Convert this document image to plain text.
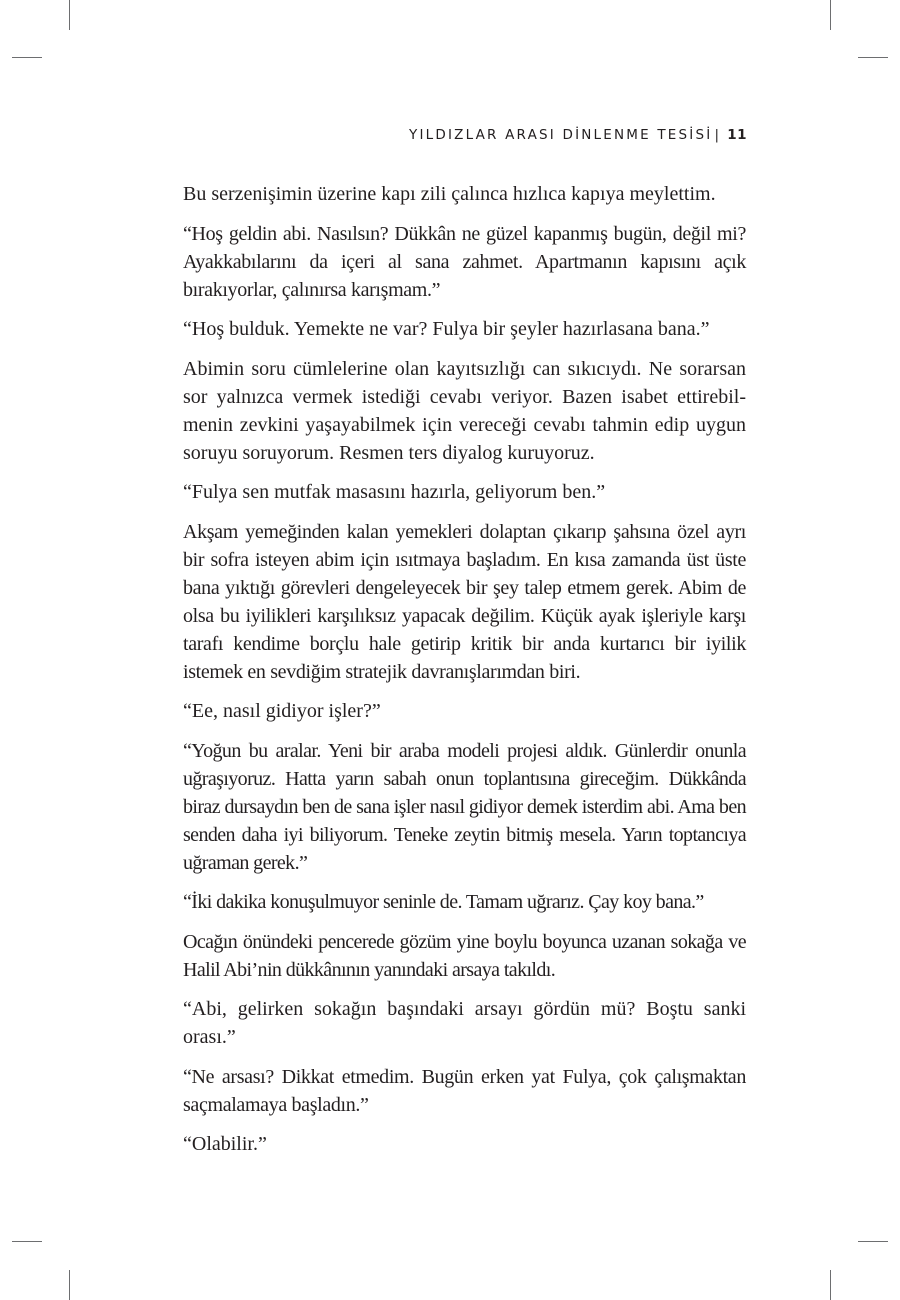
YILDIZLAR ARASI DİNLENME TESİSİ | 11

Bu serzenişimin üzerine kapı zili çalınca hızlıca kapıya meylettim.

“Hoş geldin abi. Nasılsın? Dükkân ne güzel kapanmış bugün, değil mi? Ayakkabılarını da içeri al sana zahmet. Apartmanın kapısını açık bırakıyorlar, çalınırsa karışmam.”

“Hoş bulduk. Yemekte ne var? Fulya bir şeyler hazırlasana bana.”

Abimin soru cümlelerine olan kayıtsızlığı can sıkıcıydı. Ne sorarsan sor yalnızca vermek istediği cevabı veriyor. Bazen isabet ettirebilmenin zevkini yaşayabilmek için vereceği cevabı tahmin edip uygun soruyu soruyorum. Resmen ters diyalog kuruyoruz.

“Fulya sen mutfak masasını hazırla, geliyorum ben.”

Akşam yemeğinden kalan yemekleri dolaptan çıkarıp şahsına özel ayrı bir sofra isteyen abim için ısıtmaya başladım. En kısa zamanda üst üste bana yıktığı görevleri dengeleyecek bir şey talep etmem gerek. Abim de olsa bu iyilikleri karşılıksız yapacak değilim. Küçük ayak işleriyle karşı tarafı kendime borçlu hale getirip kritik bir anda kurtarıcı bir iyilik istemek en sevdiğim stratejik davranışlarımdan biri.

“Ee, nasıl gidiyor işler?”

“Yoğun bu aralar. Yeni bir araba modeli projesi aldık. Günlerdir onunla uğraşıyoruz. Hatta yarın sabah onun toplantısına gireceğim. Dükkânda biraz dursaydın ben de sana işler nasıl gidiyor demek isterdim abi. Ama ben senden daha iyi biliyorum. Teneke zeytin bitmiş mesela. Yarın toptancıya uğraman gerek.”

“İki dakika konuşulmuyor seninle de. Tamam uğrarız. Çay koy bana.”

Ocağın önündeki pencerede gözüm yine boylu boyunca uzanan sokağa ve Halil Abi’nin dükkânının yanındaki arsaya takıldı.

“Abi, gelirken sokağın başındaki arsayı gördün mü? Boştu sanki orası.”

“Ne arsası? Dikkat etmedim. Bugün erken yat Fulya, çok çalışmaktan saçmalamaya başladın.”

“Olabilir.”
